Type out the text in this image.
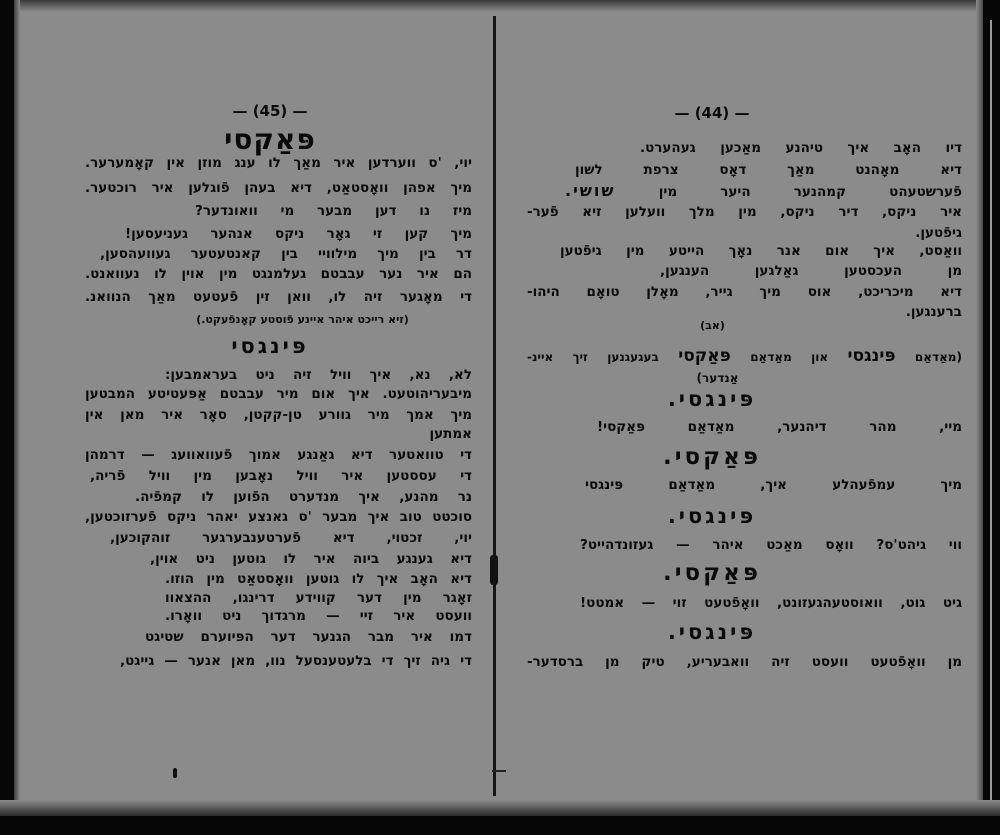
— (45) —
פּאַקסי
יוי, 'ס ווערדען איר מאַך לו ענג מוזן אין קאָמערער.
מיך אפהן וואָסטאַט, דיא בעהן פֿוגלען איר רוכטער.
מיז נו דען מבער מי וואונדער?
מיך קען זי גאָר ניקס אנהער געניעסען!
דר בין מיך מילוויי בין קאנטעטער געוועהסען,
הם איר נער עבבטם געלמנגט מין אוין לו נעוואנט.
די מאָגער זיה לו, וואן זין פֿעטעט מאַך הנוואנ.
(זיא רייכט איהר איינע פֿוסטע קאָנפֿעקט.)
פּינגסי
לא, נא, איך וויל זיה ניט בעראמבען:
מיבעריהוטעט. איך אום מיר עבבטם אַפּעטיטע המבטען
מיך אמך מיר גוורע טן-קקטן, סאָר איר מאן אין
אמתען
די טוואטער דיא גאַנגע אמוך פֿעוואוועג — דרמהן
די עססטען איר וויל נאָבען מין וויל פֿריה,
נר מהנע, איך מנדערט הפֿוען לו קמפֿיה.
סוכטט טוב איך מבער 'ס גאנצע יאהר ניקס פֿערזוכטען,
יוי, זכטוי, דיא פֿערטענבערגער זוהקוכען,
דיא גענגע ביוה איר לו גוטען ניט אוין,
דיא האָב איך לו גוטען וואָסטאַט מין הוזו.
זאָגר מין דער קווידע דרינגו, ההצאוו
וועסט איר זיי — מרגדוך ניט וואָרו.
דמו איר מבר הגנער דער הפּיוערם שטיגט
די גיה זיך די בלעטענסעל נוו, מאן אנער — גייגט,
— (44) —
דיו האָב איך טיהנע מאַכען געהערט.
דיא מאָהנט מאַך דאָס צרפת לשון
פֿערשטעהט קמהנער היער מין שושי.
איר ניקס, דיר ניקס, מין מלך וועלען זיא פֿער-
גיפֿטען.
וואַסט, איך אום אנר נאָך הייטע מין גיפֿטען
מן העכסטען גאַלגען הענגען,
דיא מיכריכט, אוס מיך גייר, מאָלן טואָם היהו-
ברענגען.
(אב)
(מאַדאַם פּינגסי און מאַדאַם פּאַקסי בעגעגנען זיך איינ-
אַנדער)
פּינגסי.
מיי, מהר דיהנער, מאַדאַם פּאַקסי!
פּאַקסי.
מיך עמפֿעהלע איך, מאַדאַם פּינגסי
פּינגסי.
ווי גיהט'ס? וואָס מאַכט איהר — געזונדהייט?
פּאַקסי.
גיט גוט, וואוסטעהגעזונט, וואָפֿטעט זוי — אמטט!
פּינגסי.
מן וואָפֿטעט וועסט זיה וואבעריע, טיק מן ברסדער-
